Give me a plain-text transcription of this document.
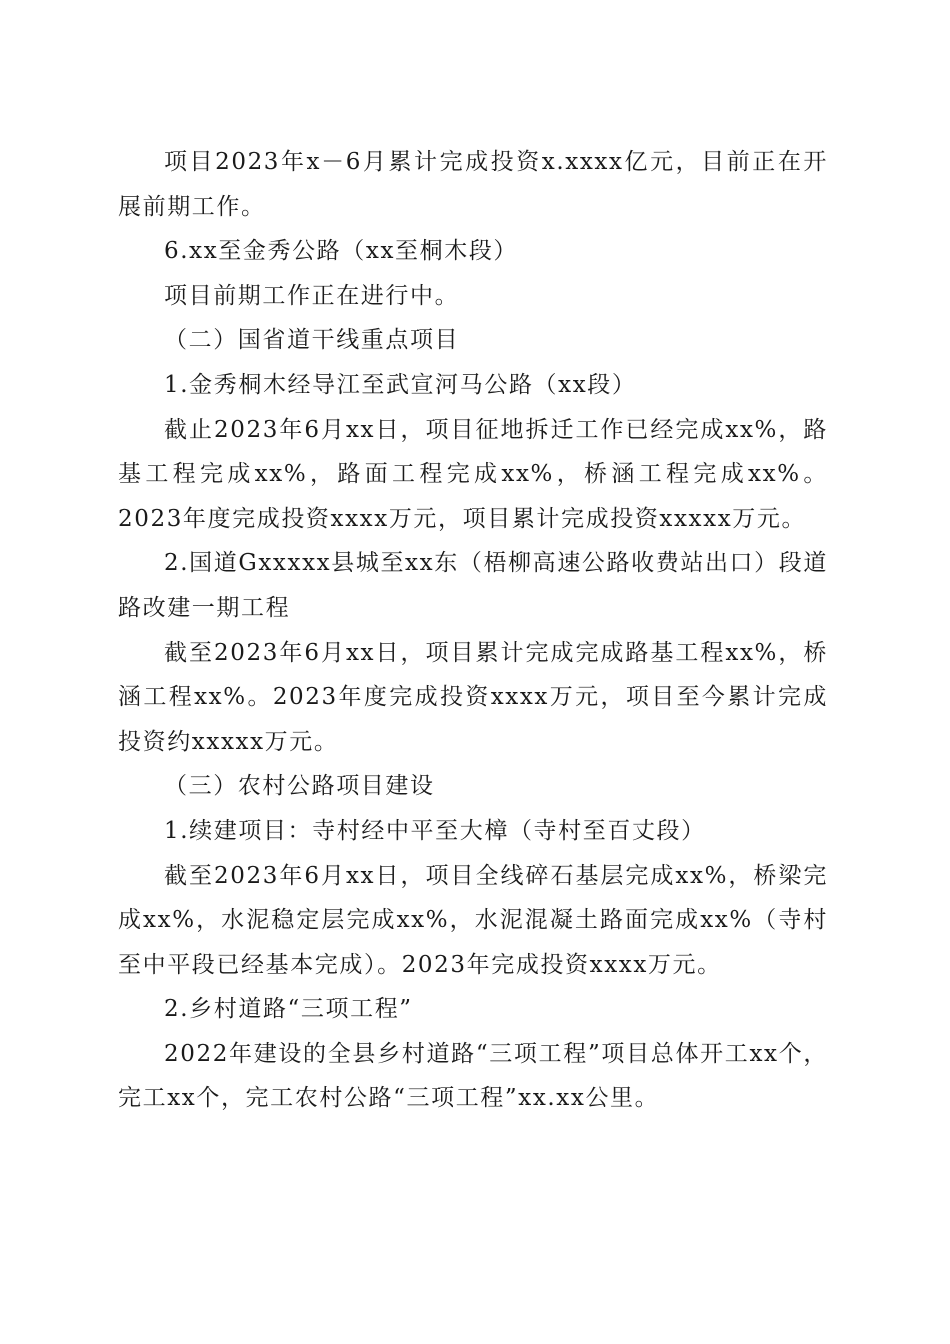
项目2023年x－6月累计完成投资x.xxxx亿元，目前正在开展前期工作。

6.xx至金秀公路（xx至桐木段）

项目前期工作正在进行中。

（二）国省道干线重点项目

1.金秀桐木经导江至武宣河马公路（xx段）

截止2023年6月xx日，项目征地拆迁工作已经完成xx%，路基工程完成xx%，路面工程完成xx%，桥涵工程完成xx%。2023年度完成投资xxxx万元，项目累计完成投资xxxxx万元。

2.国道Gxxxxx县城至xx东（梧柳高速公路收费站出口）段道路改建一期工程

截至2023年6月xx日，项目累计完成完成路基工程xx%，桥涵工程xx%。2023年度完成投资xxxx万元，项目至今累计完成投资约xxxxx万元。

（三）农村公路项目建设

1.续建项目：寺村经中平至大樟（寺村至百丈段）

截至2023年6月xx日，项目全线碎石基层完成xx%，桥梁完成xx%，水泥稳定层完成xx%，水泥混凝土路面完成xx%（寺村至中平段已经基本完成）。2023年完成投资xxxx万元。

2.乡村道路“三项工程”

2022年建设的全县乡村道路“三项工程”项目总体开工xx个，完工xx个，完工农村公路“三项工程”xx.xx公里。
